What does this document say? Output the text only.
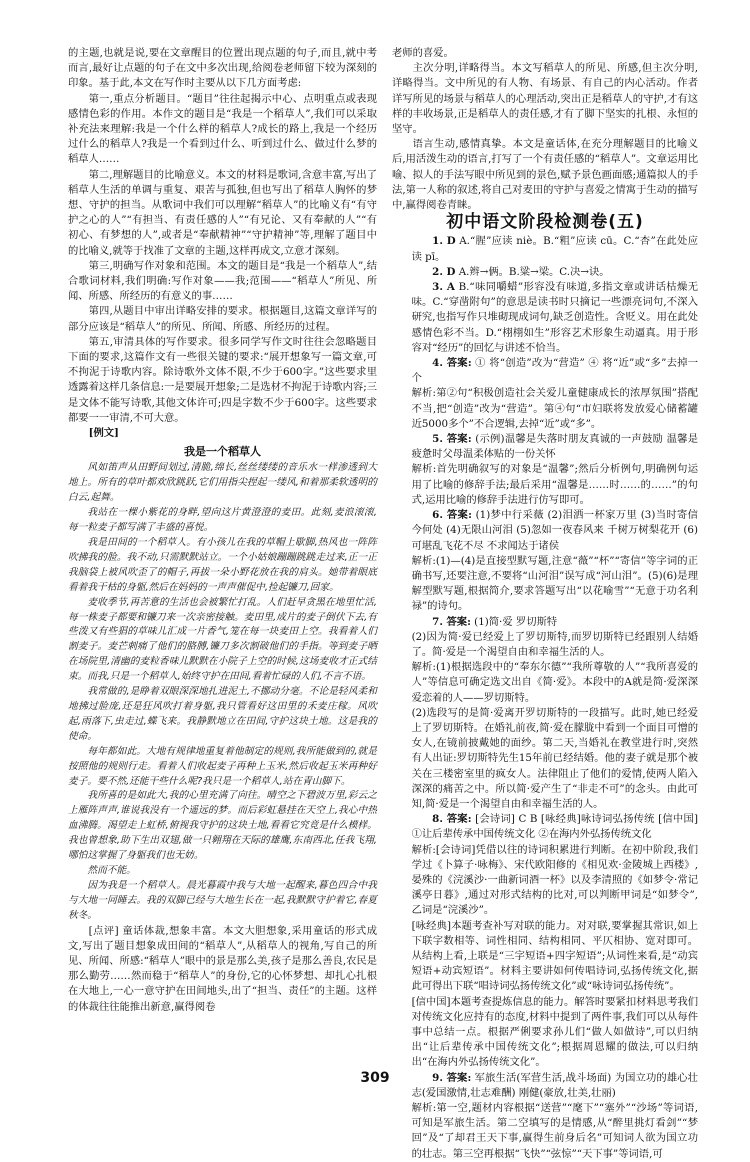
的主题,也就是说,要在文章醒目的位置出现点题的句子,而且,就中考而言,最好让点题的句子在文中多次出现,给阅卷老师留下较为深刻的印象。基于此,本文在写作时主要从以下几方面考虑:

第一,重点分析题目。“题目”往往起揭示中心、点明重点或表现感情色彩的作用。本作文的题目是“我是一个稻草人”,我们可以采取补充法来理解:我是一个什么样的稻草人?成长的路上,我是一个经历过什么的稻草人?我是一个看到过什么、听到过什么、做过什么梦的稻草人……

第二,理解题目的比喻意义。本文的材料是歌词,含意丰富,写出了稻草人生活的单调与重复、艰苦与孤独,但也写出了稻草人胸怀的梦想、守护的担当。从歌词中我们可以理解“稻草人”的比喻义有“有守护之心的人”“有担当、有责任感的人”“有兄论、又有奉献的人”“有初心、有梦想的人”,或者是“奉献精神”“守护精神”等,理解了题目中的比喻义,就等于找准了文章的主题,这样再成文,立意才深刻。

第三,明确写作对象和范围。本文的题目是“我是一个稻草人”,结合歌词材料,我们明确:写作对象——我;范围——“稻草人”所见、所闻、所感、所经历的有意义的事……

第四,从题目中审出详略安排的要求。根据题目,这篇文章详写的部分应该是“稻草人”的所见、所闻、所感、所经历的过程。

第五,审清具体的写作要求。很多同学写作文时往往会忽略题目下面的要求,这篇作文有一些很关键的要求:“展开想象写一篇文章,可不拘泥于诗歌内容。除诗歌外文体不限,不少于600字。”这些要求里透露着这样几条信息:一是要展开想象;二是选材不拘泥于诗歌内容;三是文体不能写诗歌,其他文体许可;四是字数不少于600字。这些要求都要一一审清,不可大意。

[例文]

我是一个稻草人

风如笛声从田野间划过,清脆,绵长,丝丝缕缕的音乐水一样渗透到大地上。所有的草叶都欢欣跳跃,它们用指尖捏起一缕风,和着那柔软透明的白云,起舞。

我站在一棵小紫花的身畔,望向这片黄澄澄的麦田。此刻,麦浪滚滚,每一粒麦子都写满了丰盛的喜悦。

我是田间的一个稻草人。有小孩儿在我的草帽上歇脚,热风也一阵阵吹拂我的脸。我不动,只需默默站立。一个小姑娘蹦蹦跳跳走过来,正一正我脑袋上被风吹歪了的帽子,再拔一朵小野花放在我的肩头。她带着眼底看着我干枯的身躯,然后在妈妈的一声声催促中,捡起镰刀,回家。

麦收季节,再苦意的生活也会被繁忙打乱。人们赶早贪黑在地里忙活,每一株麦子都要和镰刀来一次亲密接触。麦田里,成片的麦子倒伏下去,有些泼又有些猖的草味儿汇成一片香气,笼在每一块麦田上空。我看着人们割麦子。麦芒刺痛了他们的胳膊,镰刀多次割破他们的手指。等到麦子晒在场院里,清幽的麦粒香味儿默默在小院子上空的时候,这场麦收才正式结束。而我,只是一个稻草人,始终守护在田间,看着忙碌的人们,不言不语。

我常做的,是睁着双眼深深地扎进泥土,不挪动分毫。不论是轻风柔和地拂过脸庞,还是狂风吹打着身躯,我只管看好这田里的禾麦庄稼。风吹起,雨落下,虫走过,蝶飞来。我静默地立在田间,守护这块土地。这是我的使命。

每年都如此。大地有规律地重复着他制定的规则,我所能做到的,就是按照他的规则行走。看着人们收起麦子再种上玉米,然后收起玉米再种好麦子。要不然,还能干些什么呢?我只是一个稻草人,站在青山脚下。

我所喜的是如此大,我的心里充满了向往。晴空之下碧波万里,彩云之上雁阵声声,谁说我没有一个遥远的梦。而后彩虹悬挂在天空上,我心中热血沸腾。渴望走上虹桥,俯视我守护的这块土地,看看它究竟是什么模样。我也曾想象,助下生出双翅,做一只翱翔在天际的雄鹰,东南西北,任我飞翔,哪怕这掌握了身躯我们也无妨。

然而不能。

因为我是一个稻草人。晨光暮霞中我与大地一起醒来,暮色四合中我与大地一同睡去。我的双脚已经与大地生长在一起,我默默守护着它,春夏秋冬。

[点评] 童话体裁,想象丰富。本文大胆想象,采用童话的形式成文,写出了题目想象成田间的“稻草人”,从稻草人的视角,写自己的所见、所闻、所感:“稻草人”眼中的景是那么美,孩子是那么善良,农民是那么勤劳……然而稳于“稻草人”的身份,它的心怀梦想、却扎心扎根在大地上,一心一意守护在田间地头,出了“担当、责任”的主题。这样的体裁往往能推出新意,赢得阅卷

老师的喜爱。

主次分明,详略得当。本文写稻草人的所见、所感,但主次分明,详略得当。文中所见的有人物、有场景、有自己的内心活动。作者详写所见的场景与稻草人的心理活动,突出正是稻草人的守护,才有这样的丰收场景,正是稻草人的责任感,才有了脚下坚实的扎根、永恒的坚守。

语言生动,感情真挚。本文是童话体,在充分理解题目的比喻义后,用活泼生动的语言,打写了一个有责任感的“稻草人”。文章运用比喻、拟人的手法写眼中所见到的景色,赋予景色画面感;通篇拟人的手法,第一人称的叙述,将自己对麦田的守护与喜爱之情寓于生动的描写中,赢得阅卷青睐。

初中语文阶段检测卷(五)

1. D A.“腥”应读 niè。B.“粗”应读 cū。C.“杏”在此处应读 pī。

2. D A.辫→俩。B.粱→梁。C.决→诀。

3. A B.“味同嚼蜡”形容没有味道,多指文章或讲话枯燥无味。C.“穿凿附句”的意思是读书时只摘记一些漂亮词句,不深入研究,也指写作只堆砌现成词句,缺乏创造性。含贬义。用在此处感情色彩不当。D.“栩栩如生”形容艺术形象生动逼真。用于形容对“经历”的回忆与讲述不恰当。

4. 答案: ① 将“创造”改为“营造” ④ 将“近”或“多”去掉一个

解析:第②句“积极创造社会关爱儿童健康成长的浓厚氛围”搭配不当,把“创造”改为“营造”。第④句“市妇联将发放爱心储蓄罐近5000多个”不合逻辑,去掉“近”或“多”。

5. 答案: (示例)温馨是失落时朋友真诚的一声鼓励 温馨是疲惫时父母温柔体贴的一份关怀

解析:首先明确叙写的对象是“温馨”;然后分析例句,明确例句运用了比喻的修辞手法;最后采用“温馨是……时……的……”的句式,运用比喻的修辞手法进行仿写即可。

6. 答案: (1)梦中行采薇 (2)泪洒一杯家万里 (3)当时寄信今何处 (4)无限山河泪 (5)忽如一夜春风来 千树万树梨花开 (6)可堪乱飞花不尽 不求闻达于诸侯

解析:(1)—(4)是直接型默写题,注意“薇”“杯”“寄信”等字词的正确书写,还要注意,不要将“山河泪”误写成“河山泪”。(5)(6)是理解型默写题,根据简介,要求答题写出“以花喻雪”“无意于功名利禄”的诗句。

7. 答案: (1)简·爱 罗切斯特

(2)因为简·爱已经爱上了罗切斯特,而罗切斯特已经跟别人结婚了。简·爱是一个渴望自由和幸福生活的人。

解析:(1)根据选段中的“奉东尔德”“我所尊敬的人”“我所喜爱的人”等信息可确定选文出自《简·爱》。本段中的A就是简·爱深深爱恋着的人——罗切斯特。

(2)选段写的是简·爱离开罗切斯特的一段描写。此时,她已经爱上了罗切斯特。在婚礼前夜,简·爱在朦胧中看到一个面目可憎的女人,在镜前披戴她的面纱。第二天,当婚礼在教堂进行时,突然有人出证:罗切斯特先生15年前已经结婚。他的妻子就是那个被关在三楼密室里的疯女人。法律阻止了他们的爱情,使两人陷入深深的痛苦之中。所以简·爱产生了“非走不可”的念头。由此可知,简·爱是一个渴望自由和幸福生活的人。

8. 答案: [会诗词] C B [咏经典]咏诗词弘扬传统 [信中国] ①让后辈传承中国传统文化 ②在海内外弘扬传统文化

解析:[会诗词]凭借以往的诗词积累进行判断。在初中阶段,我们学过《卜算子·咏梅》、宋代欧阳修的《相见欢·金陵城上西楼》,晏殊的《浣溪沙·一曲新词酒一杯》以及李清照的《如梦令·常记溪亭日暮》,通过对形式结构的比对,可以判断甲词是“如梦令”,乙词是“浣溪沙”。

[咏经典]本题考查补写对联的能力。对对联,要掌握其常识,如上下联字数相等、词性相同、结构相同、平仄相协、宽对即可。从结构上看,上联是“三字短语+四字短语”;从词性来看,是“动宾短语+动宾短语”。材料主要讲如何传唱诗词,弘扬传统文化,据此可得出下联“唱诗词弘扬传统文化”或“咏诗词弘扬传统”。

[信中国]本题考查提炼信息的能力。解答时要紧扣材料思考我们对传统文化应持有的态度,材料中提到了两件事,我们可以从每件事中总结一点。根据严俐要求孙儿们“做人如做诗”,可以归纳出“让后辈传承中国传统文化”;根据周恩耀的做法,可以归纳出“在海内外弘扬传统文化”。

9. 答案: 军旅生活(军营生活,战斗场面) 为国立功的雄心壮志(爱国激情,壮志难酬) 刚健(豪放,壮美,壮丽)

解析:第一空,题材内容根据“送营”“麾下”“塞外”“沙场”等词语,可知是军旅生活。第二空填写的是情感,从“醉里挑灯看剑”“梦回”及“了却君王天下事,赢得生前身后名”可知词人欲为国立功的壮志。第三空再根据“飞快”“弦惊”“天下事”等词语,可

309
